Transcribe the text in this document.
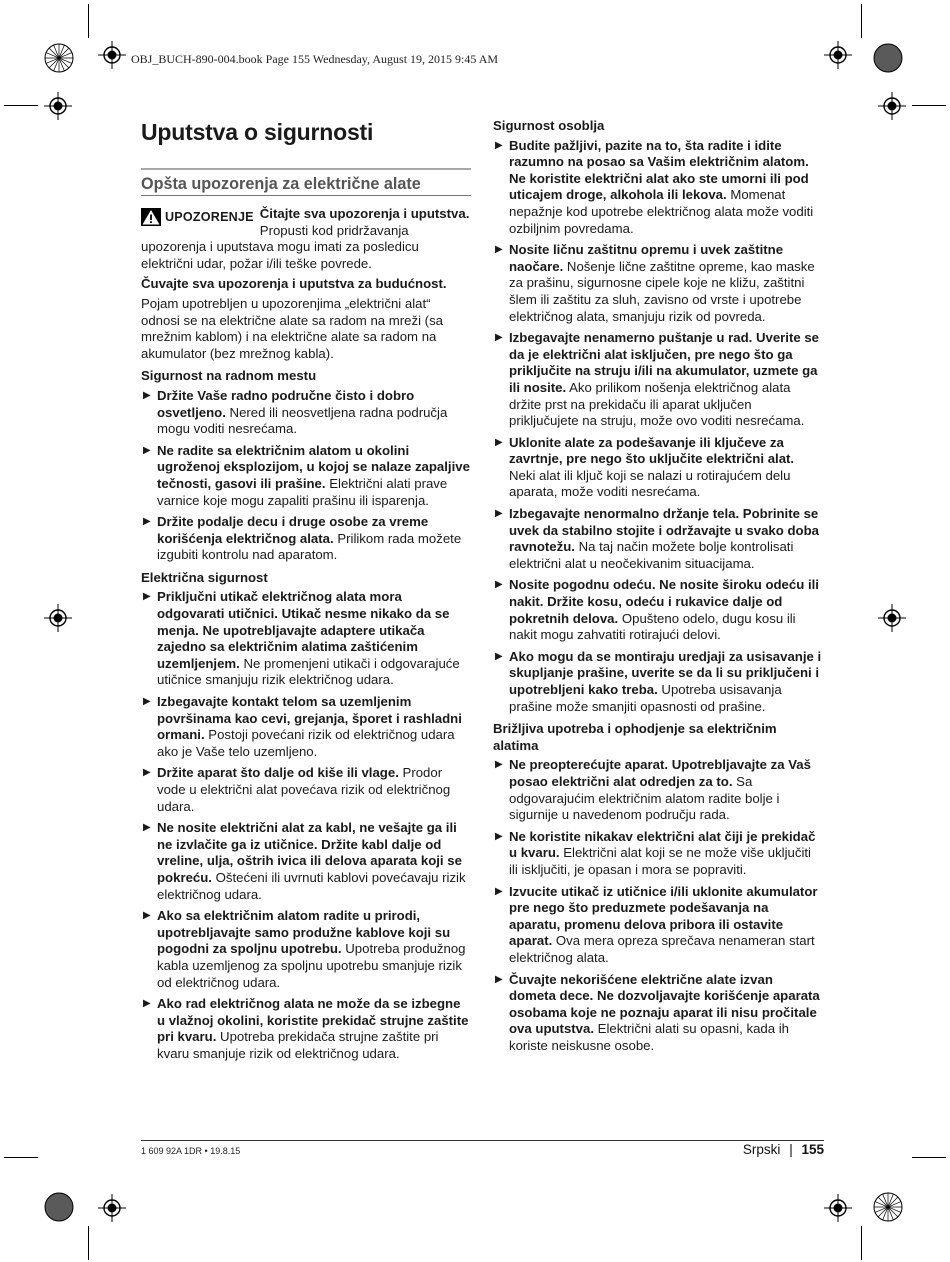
OBJ_BUCH-890-004.book Page 155 Wednesday, August 19, 2015 9:45 AM
Uputstva o sigurnosti
Opšta upozorenja za električne alate
UPOZORENJE Čitajte sva upozorenja i uputstva. Propusti kod pridržavanja upozorenja i uputstava mogu imati za posledicu električni udar, požar i/ili teške povrede.

Čuvajte sva upozorenja i uputstva za budućnost.

Pojam upotrebljen u upozorenjima „električni alat“ odnosi se na električne alate sa radom na mreži (sa mrežnim kablom) i na električne alate sa radom na akumulator (bez mrežnog kabla).

Sigurnost na radnom mestu

▶ Držite Vaše radno područne čisto i dobro osvetljeno. Nered ili neosvetljena radna područja mogu voditi nesrećama.
▶ Ne radite sa električnim alatom u okolini ugroženoj eksplozijom, u kojoj se nalaze zapaljive tečnosti, gasovi ili prašine. Električni alati prave varnice koje mogu zapaliti prašinu ili isparenja.
▶ Držite podalje decu i druge osobe za vreme korišćenja električnog alata. Prilikom rada možete izgubiti kontrolu nad aparatom.

Električna sigurnost

▶ Priključni utikač električnog alata mora odgovarati utičnici. Utikač nesme nikako da se menja. Ne upotrebljavajte adaptere utikača zajedno sa električnim alatima zaštićenim uzemljenjem. Ne promenjeni utikači i odgovarajuće utičnice smanjuju rizik električnog udara.
▶ Izbegavajte kontakt telom sa uzemljenim površinama kao cevi, grejanja, šporet i rashladni ormani. Postoji povećani rizik od električnog udara ako je Vaše telo uzemljeno.
▶ Držite aparat što dalje od kiše ili vlage. Prodor vode u električni alat povećava rizik od električnog udara.
▶ Ne nosite električni alat za kabl, ne vešajte ga ili ne izvlačite ga iz utičnice. Držite kabl dalje od vreline, ulja, oštrih ivica ili delova aparata koji se pokreću. Oštećeni ili uvrnuti kablovi povećavaju rizik električnog udara.
▶ Ako sa električnim alatom radite u prirodi, upotrebljavajte samo produžne kablove koji su pogodni za spoljnu upotrebu. Upotreba produžnog kabla uzemljenog za spoljnu upotrebu smanjuje rizik od električnog udara.
▶ Ako rad električnog alata ne može da se izbegne u vlažnoj okolini, koristite prekidač strujne zaštite pri kvaru. Upotreba prekidača strujne zaštite pri kvaru smanjuje rizik od električnog udara.

Sigurnost osoblja

▶ Budite pažljivi, pazite na to, šta radite i idite razumno na posao sa Vašim električnim alatom. Ne koristite električni alat ako ste umorni ili pod uticajem droge, alkohola ili lekova. Momenat nepažnje kod upotrebe električnog alata može voditi ozbiljnim povredama.
▶ Nosite ličnu zaštitnu opremu i uvek zaštitne naočare. Nošenje lične zaštitne opreme, kao maske za prašinu, sigurnosne cipele koje ne kližu, zaštitni šlem ili zaštitu za sluh, zavisno od vrste i upotrebe električnog alata, smanjuju rizik od povreda.
▶ Izbegavajte nenamerno puštanje u rad. Uverite se da je električni alat isključen, pre nego što ga priključite na struju i/ili na akumulator, uzmete ga ili nosite. Ako prilikom nošenja električnog alata držite prst na prekidaču ili aparat uključen priključujete na struju, može ovo voditi nesrećama.
▶ Uklonite alate za podešavanje ili ključeve za zavrtnje, pre nego što uključite električni alat. Neki alat ili ključ koji se nalazi u rotirajućem delu aparata, može voditi nesrećama.
▶ Izbegavajte nenormalno držanje tela. Pobrinite se uvek da stabilno stojite i održavajte u svako doba ravnotežu. Na taj način možete bolje kontrolisati električni alat u neočekivanim situacijama.
▶ Nosite pogodnu odeću. Ne nosite široku odeću ili nakit. Držite kosu, odeću i rukavice dalje od pokretnih delova. Opušteno odelo, dugu kosu ili nakit mogu zahvatiti rotirajući delovi.
▶ Ako mogu da se montiraju uredjaji za usisavanje i skupljanje prašine, uverite se da li su priključeni i upotrebljeni kako treba. Upotreba usisavanja prašine može smanjiti opasnosti od prašine.

Brižljiva upotreba i ophodjenje sa električnim alatima

▶ Ne preopterećujte aparat. Upotrebljavajte za Vaš posao električni alat odredjen za to. Sa odgovarajućim električnim alatom radite bolje i sigurnije u navedenom području rada.
▶ Ne koristite nikakav električni alat čiji je prekidač u kvaru. Električni alat koji se ne može više uključiti ili isključiti, je opasan i mora se popraviti.
▶ Izvucite utikač iz utičnice i/ili uklonite akumulator pre nego što preduzmete podešavanja na aparatu, promenu delova pribora ili ostavite aparat. Ova mera opreza sprečava nenameran start električnog alata.
▶ Čuvajte nekorišćene električne alate izvan dometa dece. Ne dozvoljavajte korišćenje aparata osobama koje ne poznaju aparat ili nisu pročitale ova uputstva. Električni alati su opasni, kada ih koriste neiskusne osobe.
1 609 92A 1DR • 19.8.15	Srpski | 155
